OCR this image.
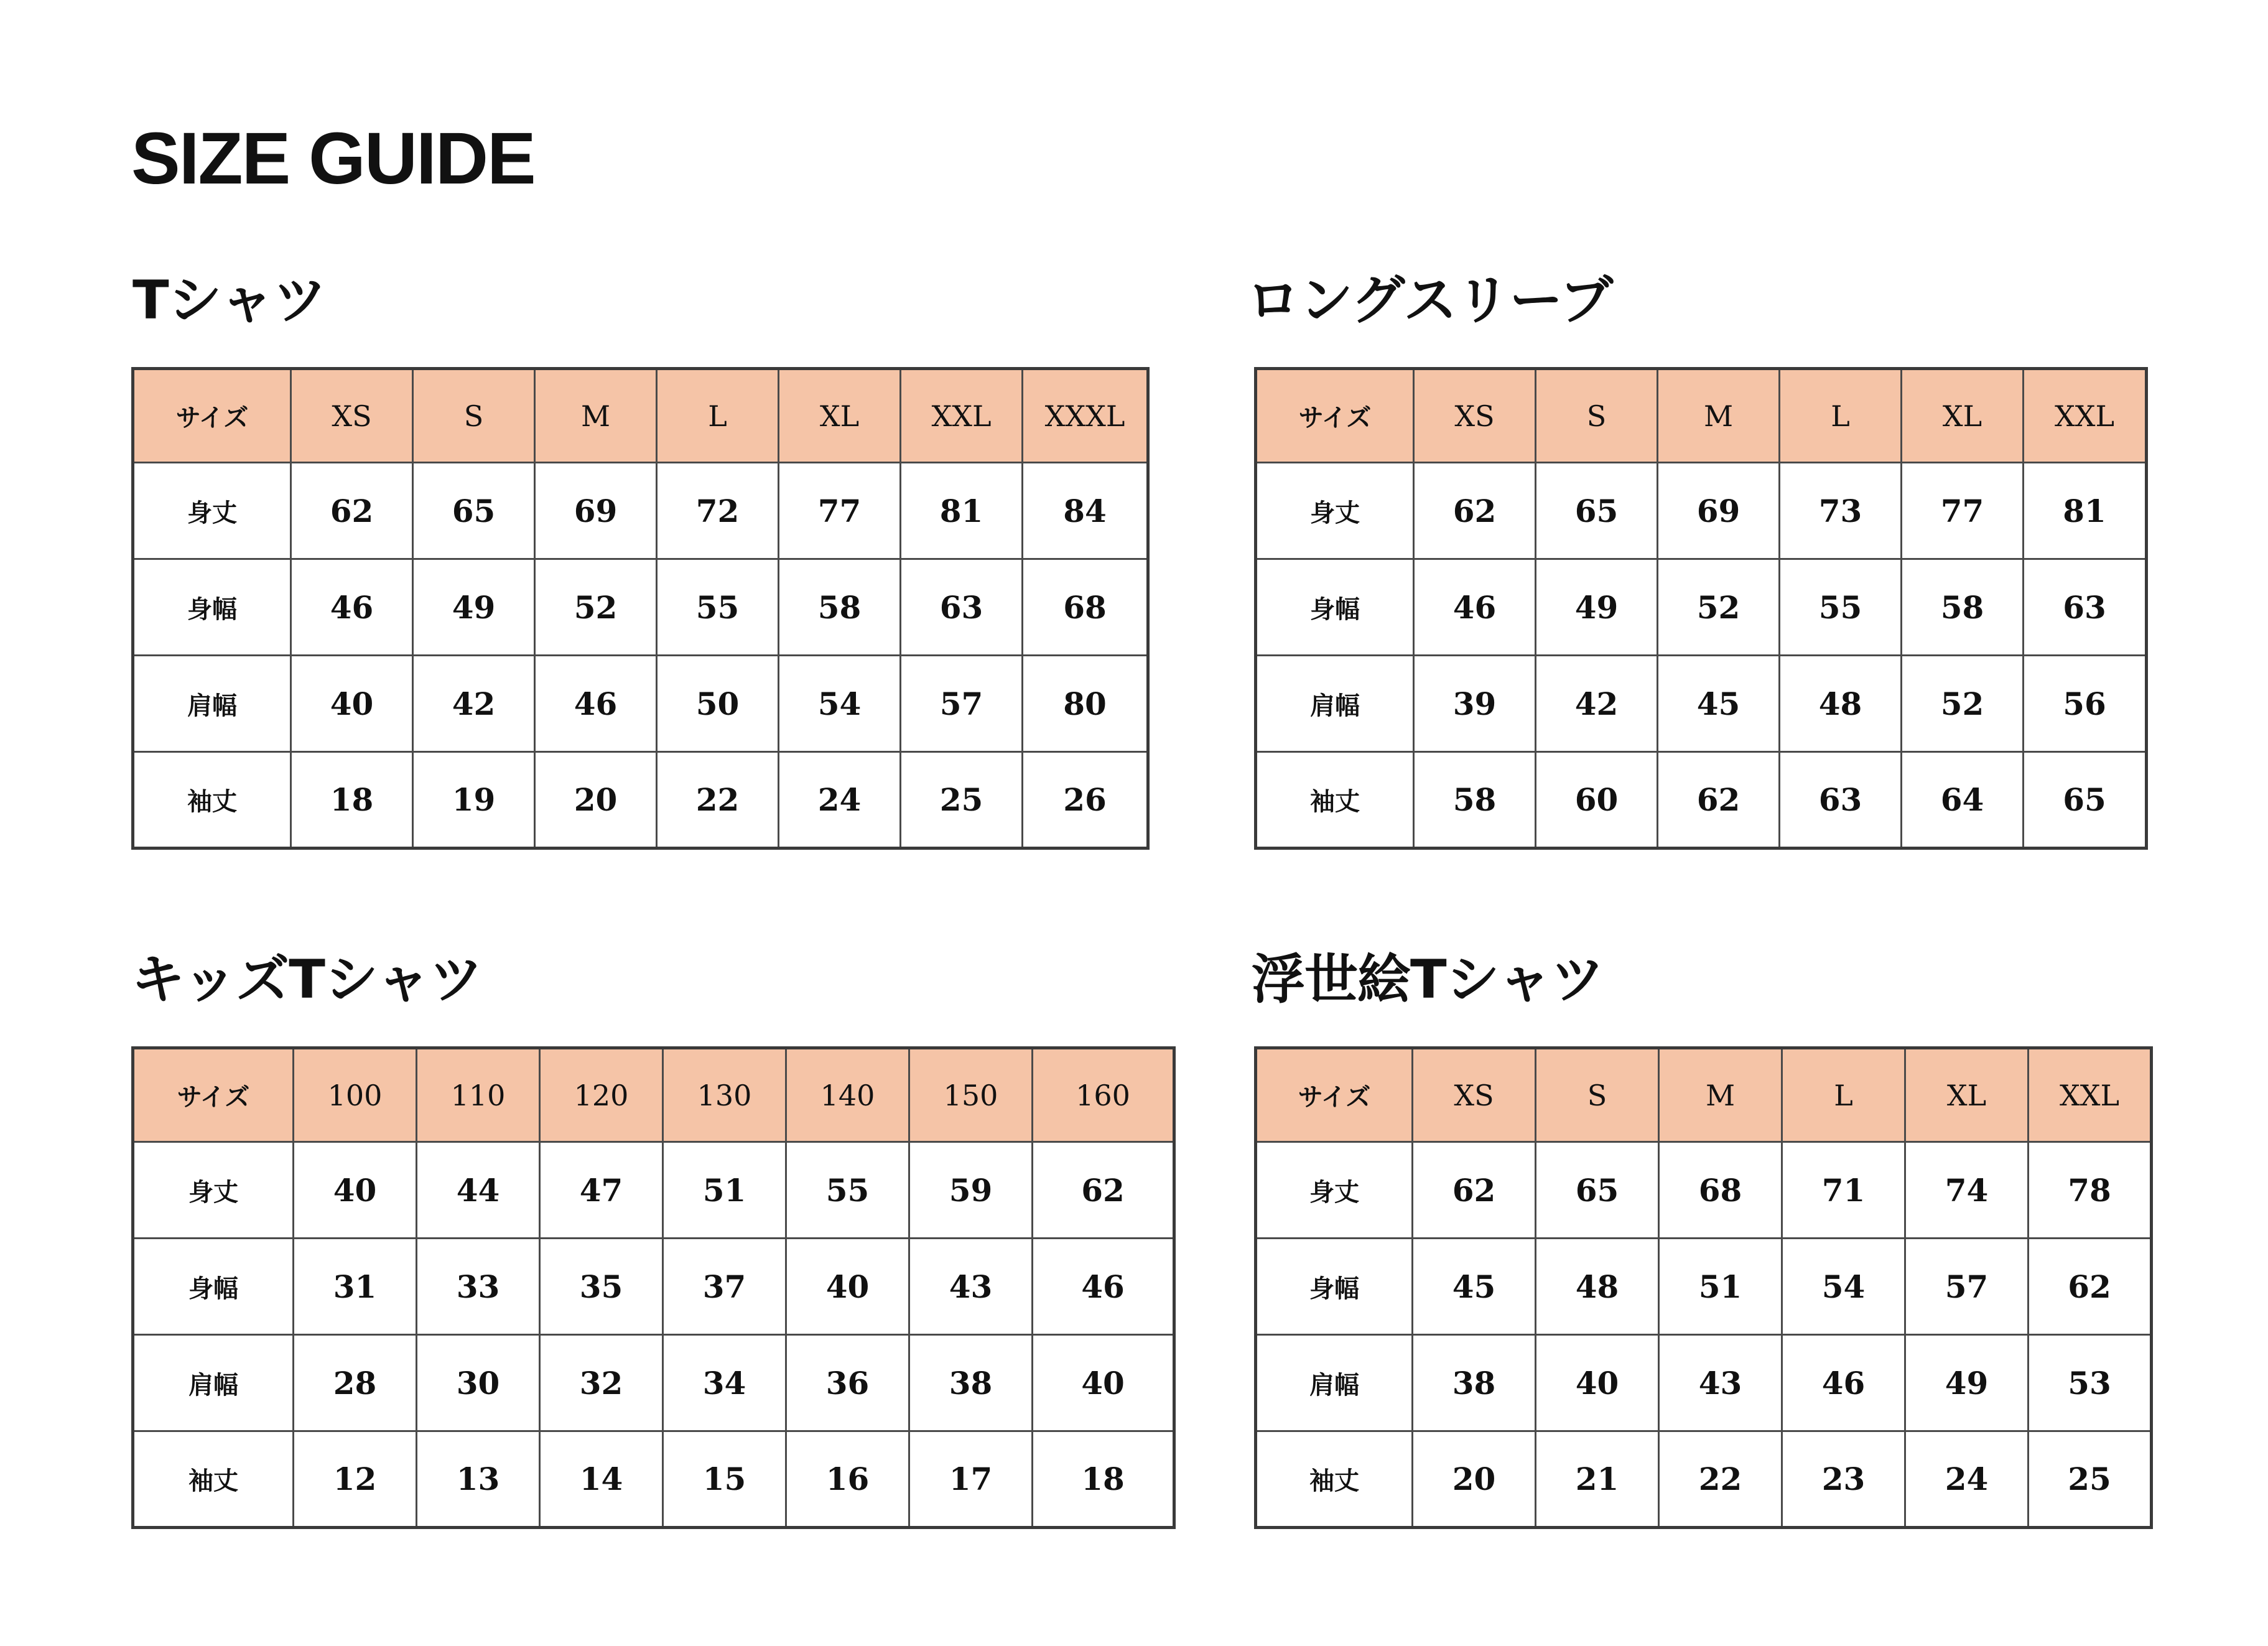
SIZE GUIDE
Tシャツ
サイズ	XS	S	M	L	XL	XXL	XXXL
身丈	62	65	69	72	77	81	84
身幅	46	49	52	55	58	63	68
肩幅	40	42	46	50	54	57	80
袖丈	18	19	20	22	24	25	26
ロングスリーブ
サイズ	XS	S	M	L	XL	XXL
身丈	62	65	69	73	77	81
身幅	46	49	52	55	58	63
肩幅	39	42	45	48	52	56
袖丈	58	60	62	63	64	65
キッズTシャツ
サイズ	100	110	120	130	140	150	160
身丈	40	44	47	51	55	59	62
身幅	31	33	35	37	40	43	46
肩幅	28	30	32	34	36	38	40
袖丈	12	13	14	15	16	17	18
浮世絵Tシャツ
サイズ	XS	S	M	L	XL	XXL
身丈	62	65	68	71	74	78
身幅	45	48	51	54	57	62
肩幅	38	40	43	46	49	53
袖丈	20	21	22	23	24	25
